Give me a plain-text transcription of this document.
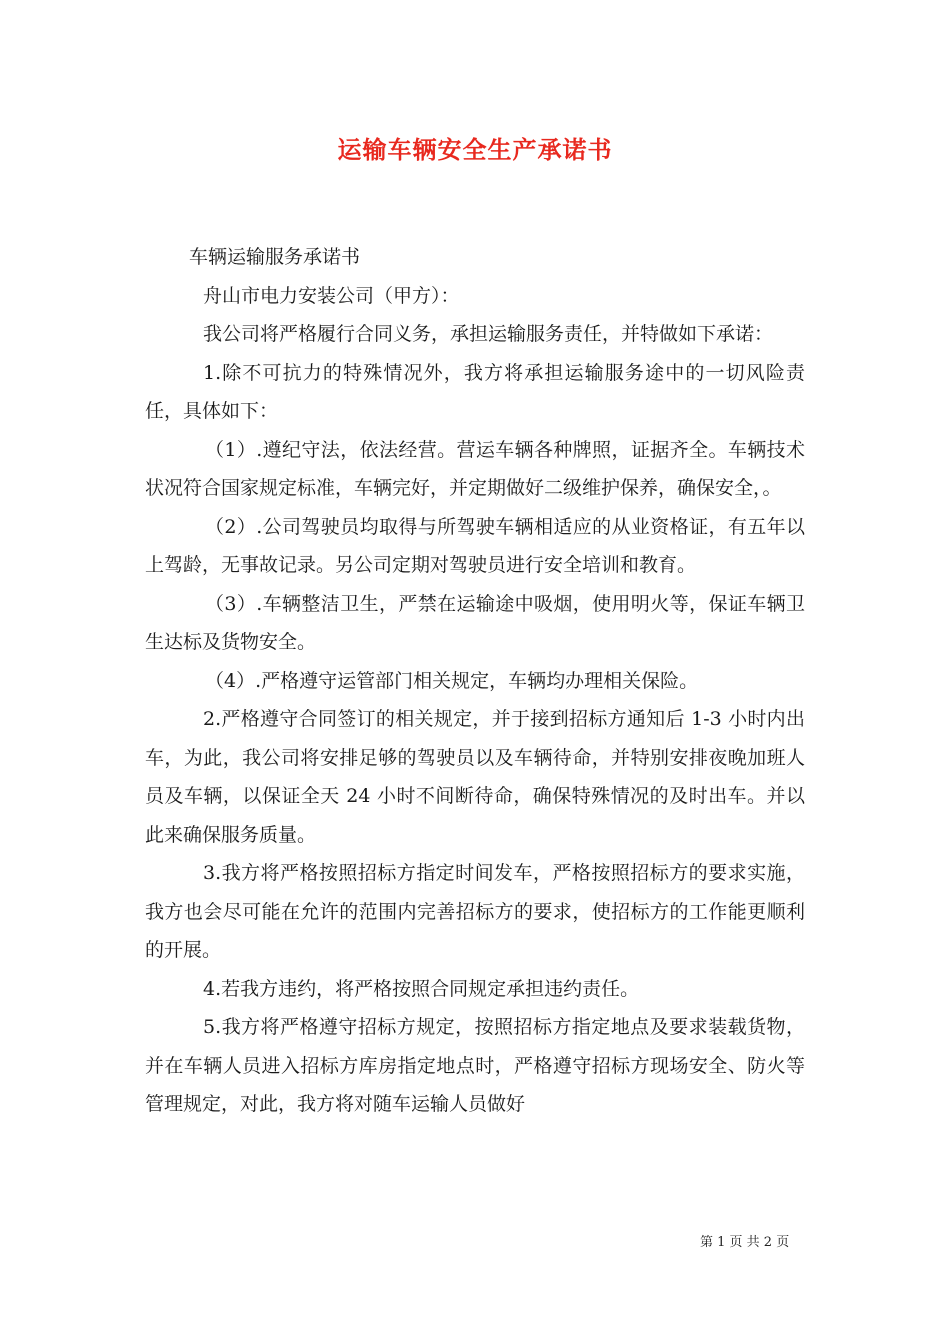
运输车辆安全生产承诺书

车辆运输服务承诺书

舟山市电力安装公司（甲方）：

我公司将严格履行合同义务，承担运输服务责任，并特做如下承诺：

1.除不可抗力的特殊情况外，我方将承担运输服务途中的一切风险责任，具体如下：

（1）.遵纪守法，依法经营。营运车辆各种牌照，证据齐全。车辆技术状况符合国家规定标准，车辆完好，并定期做好二级维护保养，确保安全，。

（2）.公司驾驶员均取得与所驾驶车辆相适应的从业资格证，有五年以上驾龄，无事故记录。另公司定期对驾驶员进行安全培训和教育。

（3）.车辆整洁卫生，严禁在运输途中吸烟，使用明火等，保证车辆卫生达标及货物安全。

（4）.严格遵守运管部门相关规定，车辆均办理相关保险。

2.严格遵守合同签订的相关规定，并于接到招标方通知后 1-3 小时内出车，为此，我公司将安排足够的驾驶员以及车辆待命，并特别安排夜晚加班人员及车辆，以保证全天 24 小时不间断待命，确保特殊情况的及时出车。并以此来确保服务质量。

3.我方将严格按照招标方指定时间发车，严格按照招标方的要求实施，我方也会尽可能在允许的范围内完善招标方的要求，使招标方的工作能更顺利的开展。

4.若我方违约，将严格按照合同规定承担违约责任。

5.我方将严格遵守招标方规定，按照招标方指定地点及要求装载货物，并在车辆人员进入招标方库房指定地点时，严格遵守招标方现场安全、防火等管理规定，对此，我方将对随车运输人员做好

第 1 页 共 2 页
